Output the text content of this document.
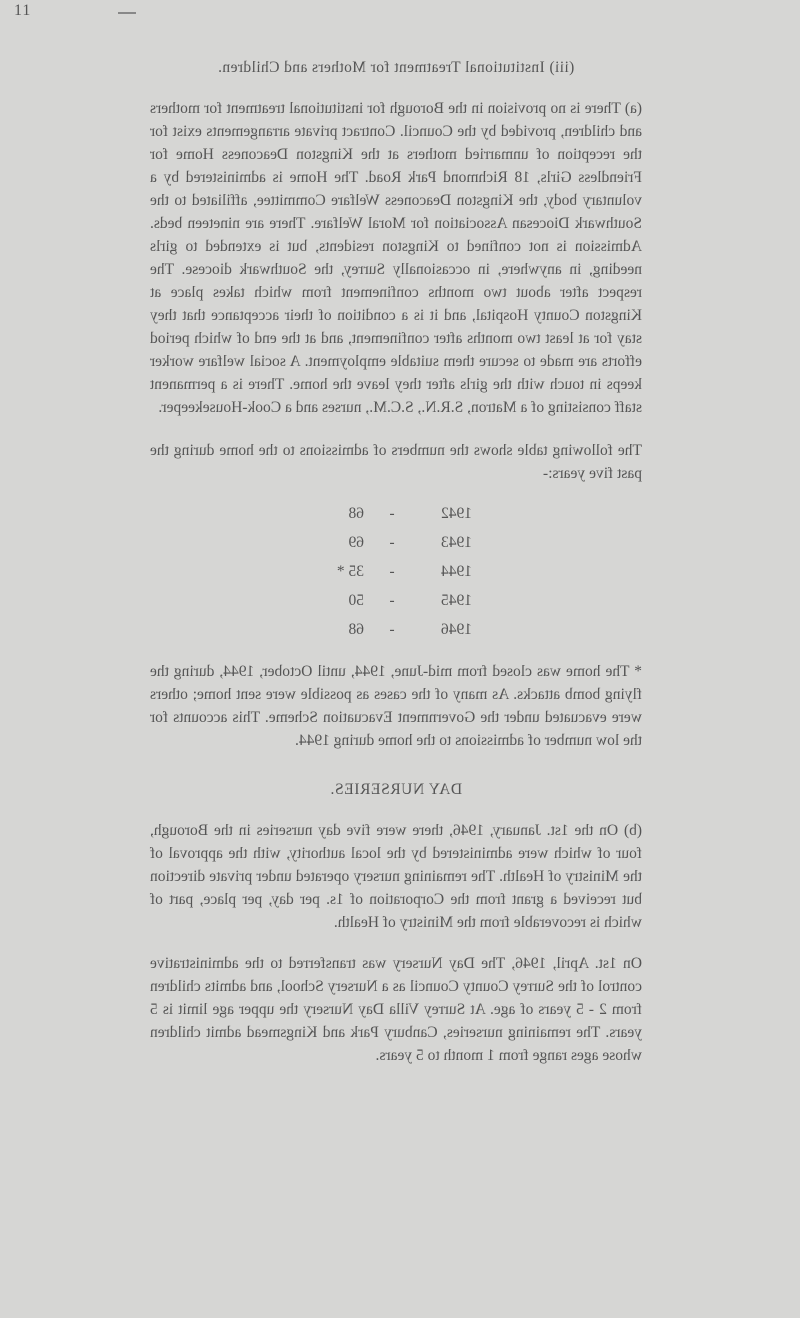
11
(iii) Institutional Treatment for Mothers and Children.
(a) There is no provision in the Borough for institutional treatment for mothers and children, provided by the Council. Contract private arrangements exist for the reception of unmarried mothers at the Kingston Deaconess Home for Friendless Girls, 18 Richmond Park Road. The Home is administered by a voluntary body, the Kingston Deaconess Welfare Committee, affiliated to the Southwark Diocesan Association for Moral Welfare. There are nineteen beds. Admission is not confined to Kingston residents, but is extended to girls needing, in anywhere, in occasionally Surrey, the Southwark diocese. The respect after about two months confinement from which takes place at Kingston County Hospital, and it is a condition of their acceptance that they stay for at least two months after confinement, and at the end of which period efforts are made to secure them suitable employment. A social welfare worker keeps in touch with the girls after they leave the home. There is a permanent staff consisting of a Matron, S.R.N., S.C.M., nurses and a Cook-Housekeeper.
The following table shows the numbers of admissions to the home during the past five years:-
1942
-
68
1943
-
69
1944
-
35 *
1945
-
50
1946
-
68
* The home was closed from mid-June, 1944, until October, 1944, during the flying bomb attacks. As many of the cases as possible were sent home; others were evacuated under the Government Evacuation Scheme. This accounts for the low number of admissions to the home during 1944.
DAY NURSERIES.
(b) On the 1st. January, 1946, there were five day nurseries in the Borough, four of which were administered by the local authority, with the approval of the Ministry of Health. The remaining nursery operated under private direction but received a grant from the Corporation of 1s. per day, per place, part of which is recoverable from the Ministry of Health.
On 1st. April, 1946, The Day Nursery was transferred to the administrative control of the Surrey County Council as a Nursery School, and admits children from 2 - 5 years of age. At Surrey Villa Day Nursery the upper age limit is 5 years. The remaining nurseries, Canbury Park and Kingsmead admit children whose ages range from 1 month to 5 years.
